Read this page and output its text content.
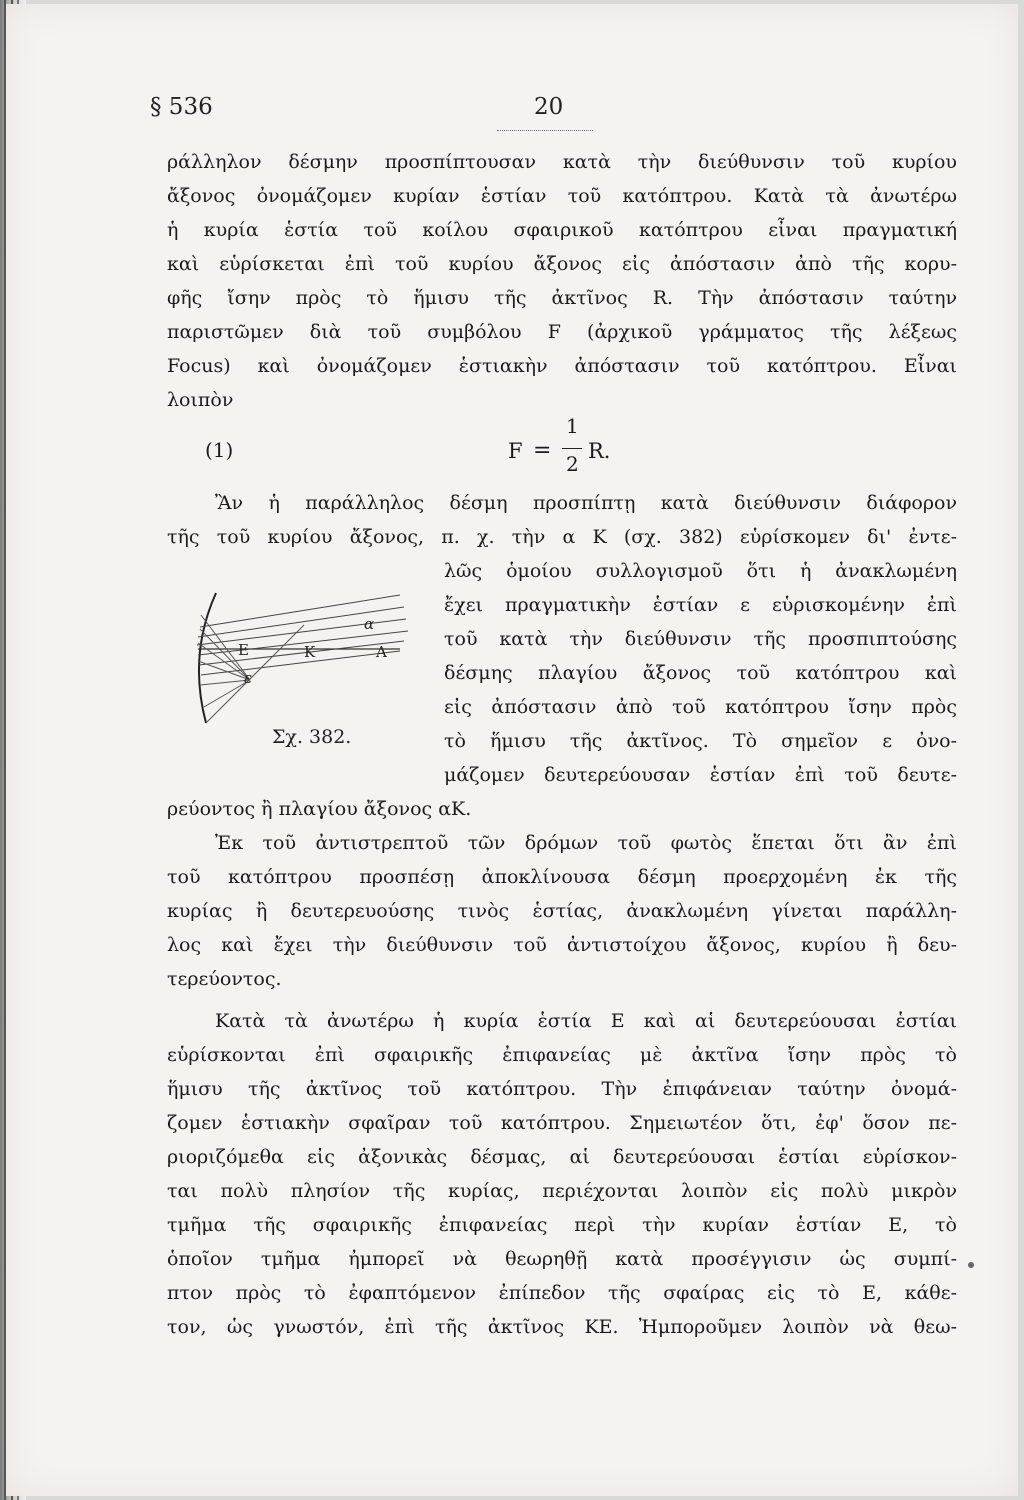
§ 536	20
ράλληλον δέσμην προσπίπτουσαν κατὰ τὴν διεύθυνσιν τοῦ κυρίου
ἄξονος ὀνομάζομεν κυρίαν ἑστίαν τοῦ κατόπτρου. Κατὰ τὰ ἀνωτέρω
ἡ κυρία ἑστία τοῦ κοίλου σφαιρικοῦ κατόπτρου εἶναι πραγματική
καὶ εὑρίσκεται ἐπὶ τοῦ κυρίου ἄξονος εἰς ἀπόστασιν ἀπὸ τῆς κορυ-
φῆς ἴσην πρὸς τὸ ἥμισυ τῆς ἀκτῖνος R. Τὴν ἀπόστασιν ταύτην
παριστῶμεν διὰ τοῦ συμβόλου F (ἀρχικοῦ γράμματος τῆς λέξεως
Focus) καὶ ὀνομάζομεν ἑστιακὴν ἀπόστασιν τοῦ κατόπτρου. Εἶναι
λοιπὸν
(1)	F =
1
2
R.
Ἂν ἡ παράλληλος δέσμη προσπίπτῃ κατὰ διεύθυνσιν διάφορον
τῆς τοῦ κυρίου ἄξονος, π. χ. τὴν α Κ (σχ. 382) εὑρίσκομεν δι' ἐντε-
λῶς ὁμοίου συλλογισμοῦ ὅτι ἡ ἀνακλωμένη
ἔχει πραγματικὴν ἑστίαν ε εὑρισκομένην ἐπὶ
τοῦ κατὰ τὴν διεύθυνσιν τῆς προσπιπτούσης
δέσμης πλαγίου ἄξονος τοῦ κατόπτρου καὶ
εἰς ἀπόστασιν ἀπὸ τοῦ κατόπτρου ἴσην πρὸς
τὸ ἥμισυ τῆς ἀκτῖνος. Τὸ σημεῖον ε ὀνο-
μάζομεν δευτερεύουσαν ἑστίαν ἐπὶ τοῦ δευτε-
ρεύοντος ἢ πλαγίου ἄξονος αΚ.
E	K	A
α
ε
Σχ. 382.
Ἐκ τοῦ ἀντιστρεπτοῦ τῶν δρόμων τοῦ φωτὸς ἕπεται ὅτι ἂν ἐπὶ
τοῦ κατόπτρου προσπέσῃ ἀποκλίνουσα δέσμη προερχομένη ἐκ τῆς
κυρίας ἢ δευτερευούσης τινὸς ἑστίας, ἀνακλωμένη γίνεται παράλλη-
λος καὶ ἔχει τὴν διεύθυνσιν τοῦ ἀντιστοίχου ἄξονος, κυρίου ἢ δευ-
τερεύοντος.
Κατὰ τὰ ἀνωτέρω ἡ κυρία ἑστία Ε καὶ αἱ δευτερεύουσαι ἑστίαι
εὑρίσκονται ἐπὶ σφαιρικῆς ἐπιφανείας μὲ ἀκτῖνα ἴσην πρὸς τὸ
ἥμισυ τῆς ἀκτῖνος τοῦ κατόπτρου. Τὴν ἐπιφάνειαν ταύτην ὀνομά-
ζομεν ἑστιακὴν σφαῖραν τοῦ κατόπτρου. Σημειωτέον ὅτι, ἐφ' ὅσον πε-
ριοριζόμεθα εἰς ἀξονικὰς δέσμας, αἱ δευτερεύουσαι ἑστίαι εὑρίσκον-
ται πολὺ πλησίον τῆς κυρίας, περιέχονται λοιπὸν εἰς πολὺ μικρὸν
τμῆμα τῆς σφαιρικῆς ἐπιφανείας περὶ τὴν κυρίαν ἑστίαν Ε, τὸ
ὁποῖον τμῆμα ἠμπορεῖ νὰ θεωρηθῇ κατὰ προσέγγισιν ὡς συμπί-
πτον πρὸς τὸ ἐφαπτόμενον ἐπίπεδον τῆς σφαίρας εἰς τὸ Ε, κάθε-
τον, ὡς γνωστόν, ἐπὶ τῆς ἀκτῖνος ΚΕ. Ἠμποροῦμεν λοιπὸν νὰ θεω-
